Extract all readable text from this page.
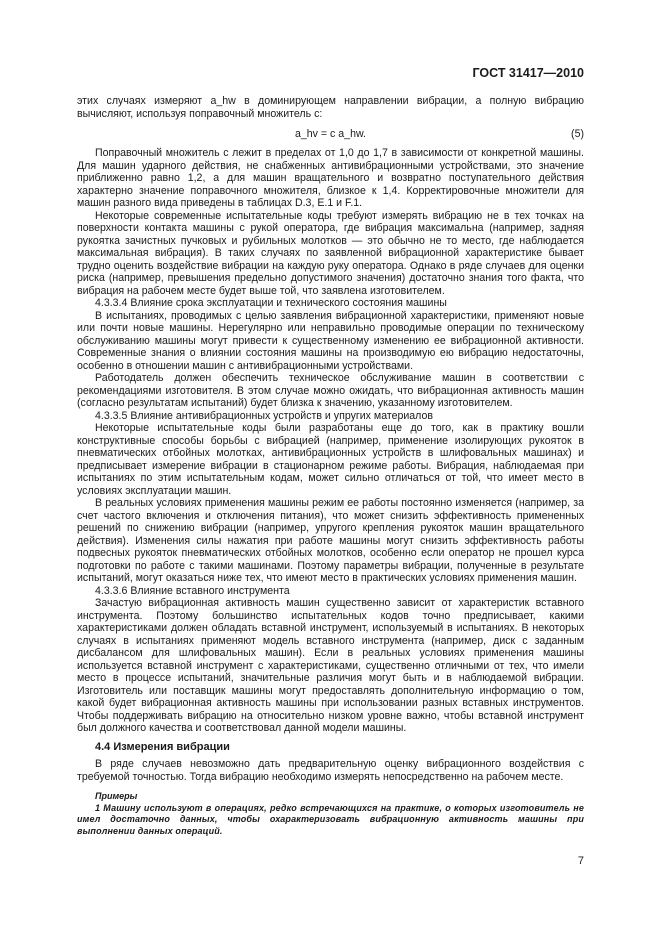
ГОСТ 31417—2010

этих случаях измеряют a_hw в доминирующем направлении вибрации, а полную вибрацию вычисляют, используя поправочный множитель c:

a_hv = c a_hw.	(5)

Поправочный множитель c лежит в пределах от 1,0 до 1,7 в зависимости от конкретной машины. Для машин ударного действия, не снабженных антивибрационными устройствами, это значение приближенно равно 1,2, а для машин вращательного и возвратно поступательного действия характерно значение поправочного множителя, близкое к 1,4. Корректировочные множители для машин разного вида приведены в таблицах D.3, E.1 и F.1.

Некоторые современные испытательные коды требуют измерять вибрацию не в тех точках на поверхности контакта машины с рукой оператора, где вибрация максимальна (например, задняя рукоятка зачистных пучковых и рубильных молотков — это обычно не то место, где наблюдается максимальная вибрация). В таких случаях по заявленной вибрационной характеристике бывает трудно оценить воздействие вибрации на каждую руку оператора. Однако в ряде случаев для оценки риска (например, превышения предельно допустимого значения) достаточно знания того факта, что вибрация на рабочем месте будет выше той, что заявлена изготовителем.

4.3.3.4 Влияние срока эксплуатации и технического состояния машины

В испытаниях, проводимых с целью заявления вибрационной характеристики, применяют новые или почти новые машины. Нерегулярно или неправильно проводимые операции по техническому обслуживанию машины могут привести к существенному изменению ее вибрационной активности. Современные знания о влиянии состояния машины на производимую ею вибрацию недостаточны, особенно в отношении машин с антивибрационными устройствами.

Работодатель должен обеспечить техническое обслуживание машин в соответствии с рекомендациями изготовителя. В этом случае можно ожидать, что вибрационная активность машин (согласно результатам испытаний) будет близка к значению, указанному изготовителем.

4.3.3.5 Влияние антивибрационных устройств и упругих материалов

Некоторые испытательные коды были разработаны еще до того, как в практику вошли конструктивные способы борьбы с вибрацией (например, применение изолирующих рукояток в пневматических отбойных молотках, антивибрационных устройств в шлифовальных машинах) и предписывает измерение вибрации в стационарном режиме работы. Вибрация, наблюдаемая при испытаниях по этим испытательным кодам, может сильно отличаться от той, что имеет место в условиях эксплуатации машин.

В реальных условиях применения машины режим ее работы постоянно изменяется (например, за счет частого включения и отключения питания), что может снизить эффективность примененных решений по снижению вибрации (например, упругого крепления рукояток машин вращательного действия). Изменения силы нажатия при работе машины могут снизить эффективность работы подвесных рукояток пневматических отбойных молотков, особенно если оператор не прошел курса подготовки по работе с такими машинами. Поэтому параметры вибрации, полученные в результате испытаний, могут оказаться ниже тех, что имеют место в практических условиях применения машин.

4.3.3.6 Влияние вставного инструмента

Зачастую вибрационная активность машин существенно зависит от характеристик вставного инструмента. Поэтому большинство испытательных кодов точно предписывает, какими характеристиками должен обладать вставной инструмент, используемый в испытаниях. В некоторых случаях в испытаниях применяют модель вставного инструмента (например, диск с заданным дисбалансом для шлифовальных машин). Если в реальных условиях применения машины используется вставной инструмент с характеристиками, существенно отличными от тех, что имели место в процессе испытаний, значительные различия могут быть и в наблюдаемой вибрации. Изготовитель или поставщик машины могут предоставлять дополнительную информацию о том, какой будет вибрационная активность машины при использовании разных вставных инструментов. Чтобы поддерживать вибрацию на относительно низком уровне важно, чтобы вставной инструмент был должного качества и соответствовал данной модели машины.

4.4 Измерения вибрации

В ряде случаев невозможно дать предварительную оценку вибрационного воздействия с требуемой точностью. Тогда вибрацию необходимо измерять непосредственно на рабочем месте.

Примеры

1 Машину используют в операциях, редко встречающихся на практике, о которых изготовитель не имел достаточно данных, чтобы охарактеризовать вибрационную активность машины при выполнении данных операций.

7
